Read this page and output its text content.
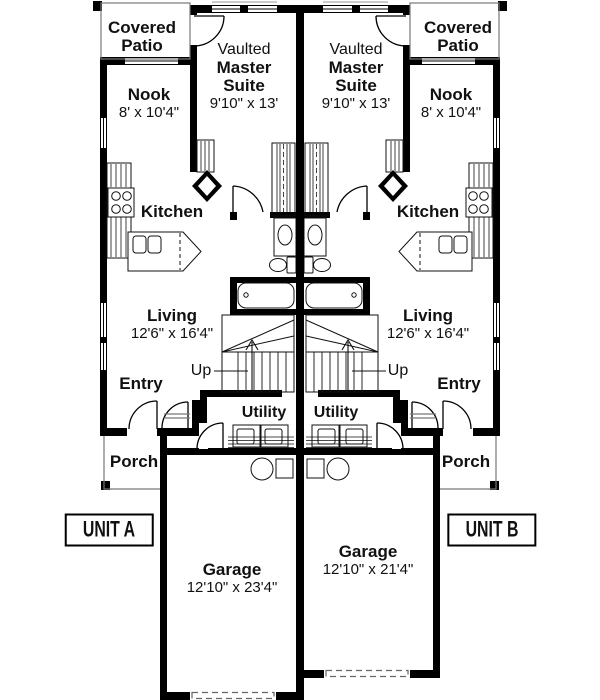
Covered
Patio	Vaulted
Master
Suite
9'10" x 13'
Nook
8' x 10'4"
Kitchen
Living
12'6" x 16'4"
Up
Entry
Utility
Porch
UNIT A
Garage
12'10" x 23'4"
Covered
Patio
Vaulted
Master
Suite
9'10" x 13'	Nook
8' x 10'4"
Kitchen
Living
12'6" x 16'4"
Up
Entry
Utility
Porch
UNIT B
Garage
12'10" x 21'4"
